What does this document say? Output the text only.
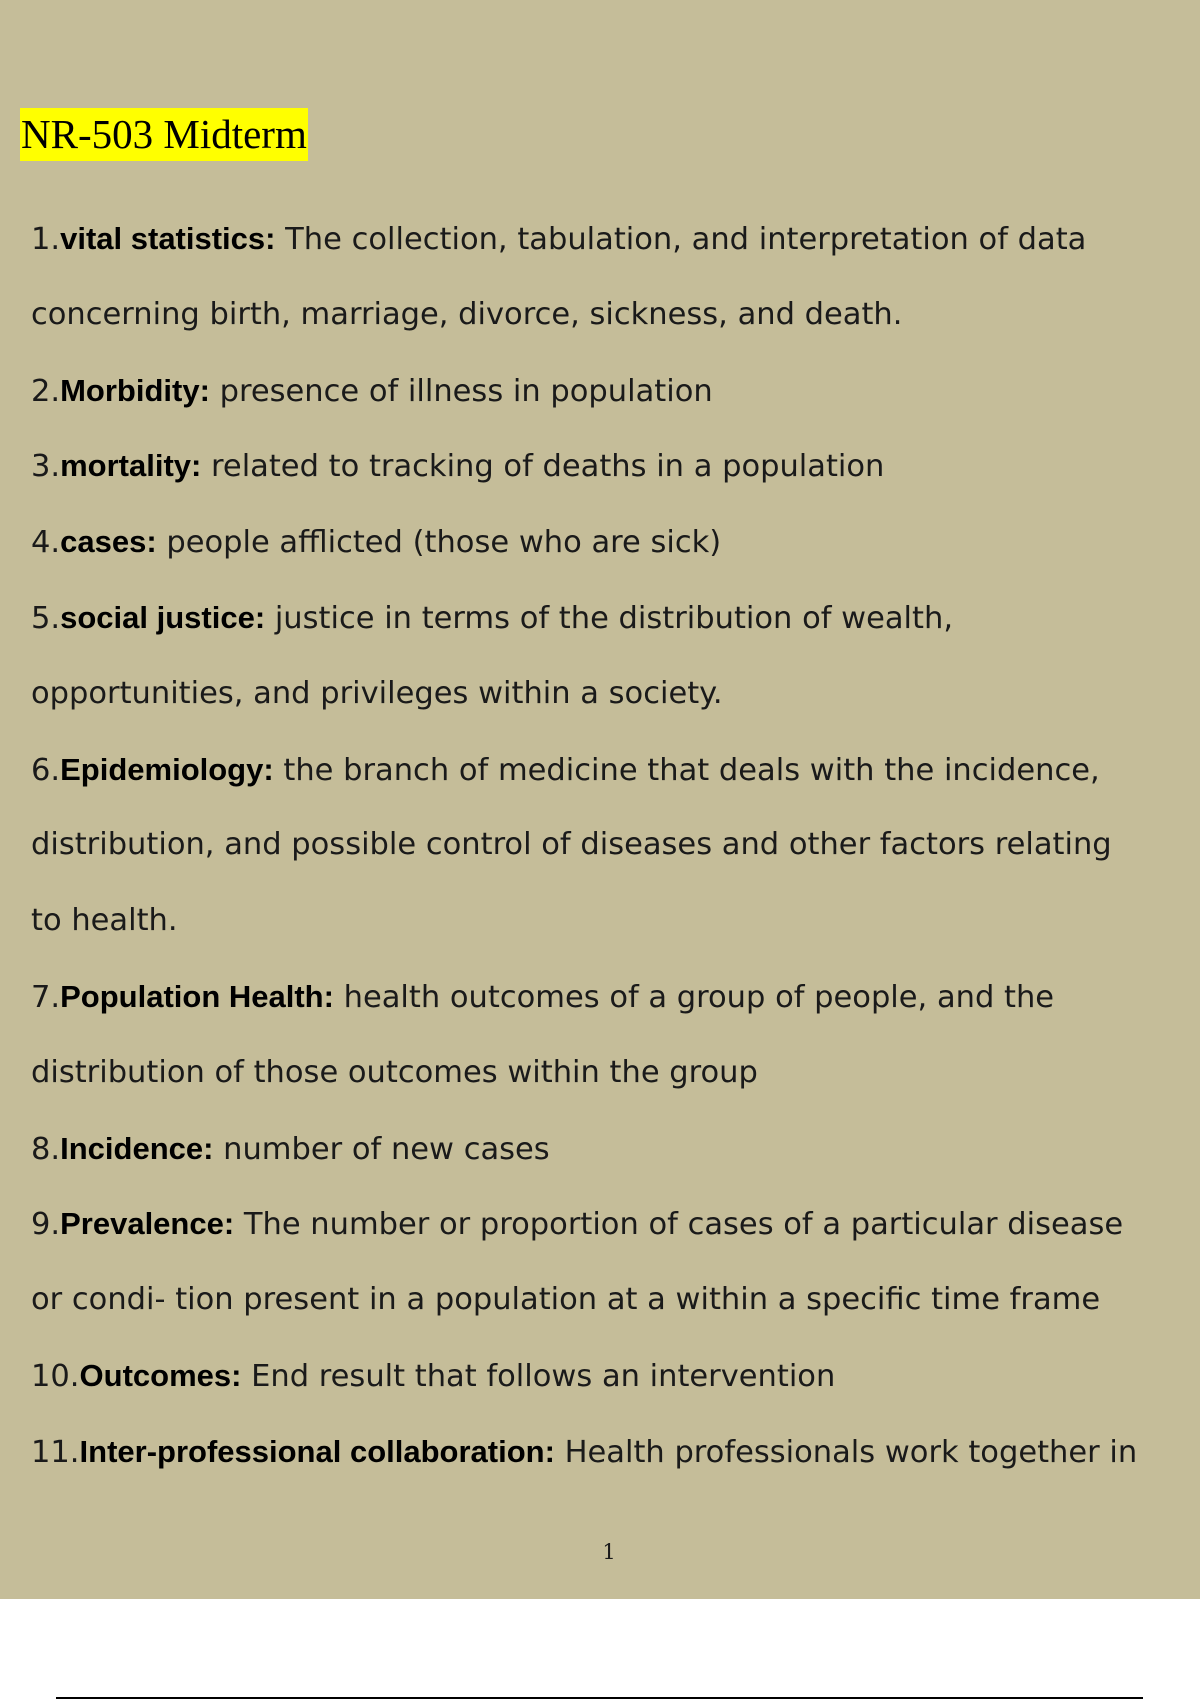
NR-503 Midterm
1.vital statistics: The collection, tabulation, and interpretation of data
concerning birth, marriage, divorce, sickness, and death.
2.Morbidity: presence of illness in population
3.mortality: related to tracking of deaths in a population
4.cases: people afflicted (those who are sick)
5.social justice: justice in terms of the distribution of wealth,
opportunities, and privileges within a society.
6.Epidemiology: the branch of medicine that deals with the incidence,
distribution, and possible control of diseases and other factors relating
to health.
7.Population Health: health outcomes of a group of people, and the
distribution of those outcomes within the group
8.Incidence: number of new cases
9.Prevalence: The number or proportion of cases of a particular disease
or condi- tion present in a population at a within a specific time frame
10.Outcomes: End result that follows an intervention
11.Inter-professional collaboration: Health professionals work together in
1
